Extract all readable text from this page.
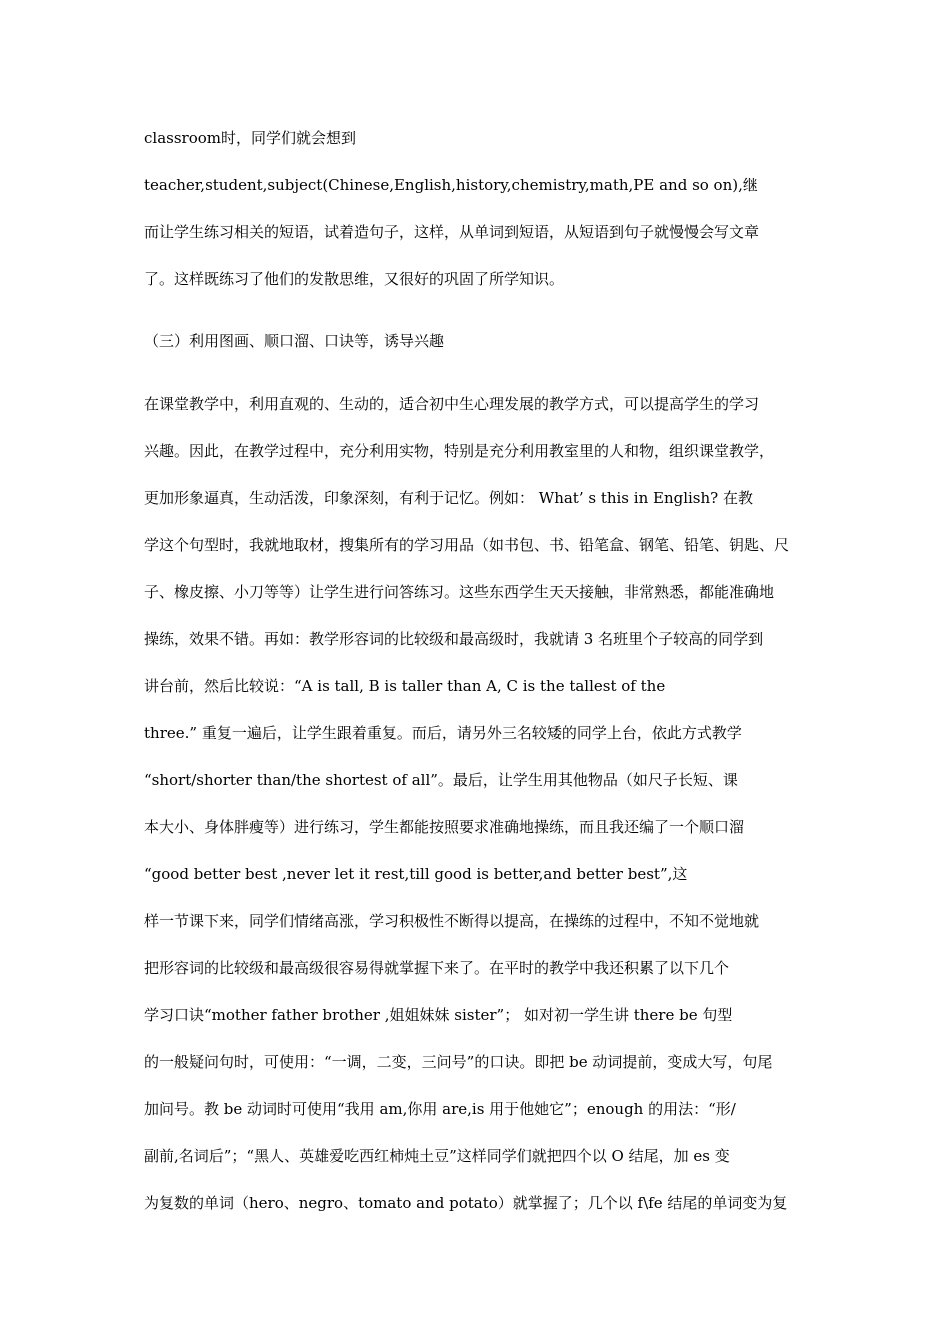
classroom时，同学们就会想到
teacher,student,subject(Chinese,English,history,chemistry,math,PE and so on),继
而让学生练习相关的短语，试着造句子，这样，从单词到短语，从短语到句子就慢慢会写文章
了。这样既练习了他们的发散思维，又很好的巩固了所学知识。
（三）利用图画、顺口溜、口诀等，诱导兴趣
在课堂教学中，利用直观的、生动的，适合初中生心理发展的教学方式，可以提高学生的学习
兴趣。因此，在教学过程中，充分利用实物，特别是充分利用教室里的人和物，组织课堂教学，
更加形象逼真，生动活泼，印象深刻，有利于记忆。例如： What’ s this in English? 在教
学这个句型时，我就地取材，搜集所有的学习用品（如书包、书、铅笔盒、钢笔、铅笔、钥匙、尺
子、橡皮擦、小刀等等）让学生进行问答练习。这些东西学生天天接触，非常熟悉，都能准确地
操练，效果不错。再如：教学形容词的比较级和最高级时，我就请 3 名班里个子较高的同学到
讲台前，然后比较说：“A is tall, B is taller than A, C is the tallest of the
three.” 重复一遍后，让学生跟着重复。而后，请另外三名较矮的同学上台，依此方式教学
“short/shorter than/the shortest of all”。最后，让学生用其他物品（如尺子长短、课
本大小、身体胖瘦等）进行练习，学生都能按照要求准确地操练，而且我还编了一个顺口溜
“good better best ,never let it rest,till good is better,and better best”,这
样一节课下来，同学们情绪高涨，学习积极性不断得以提高，在操练的过程中，不知不觉地就
把形容词的比较级和最高级很容易得就掌握下来了。在平时的教学中我还积累了以下几个
学习口诀“mother father brother ,姐姐妹妹 sister”； 如对初一学生讲 there be 句型
的一般疑问句时，可使用：“一调，二变，三问号”的口诀。即把 be 动词提前，变成大写，句尾
加问号。教 be 动词时可使用“我用 am,你用 are,is 用于他她它”；enough 的用法：“形/
副前,名词后”；“黑人、英雄爱吃西红柿炖土豆”这样同学们就把四个以 O 结尾，加 es 变
为复数的单词（hero、negro、tomato and potato）就掌握了；几个以 f\fe 结尾的单词变为复
